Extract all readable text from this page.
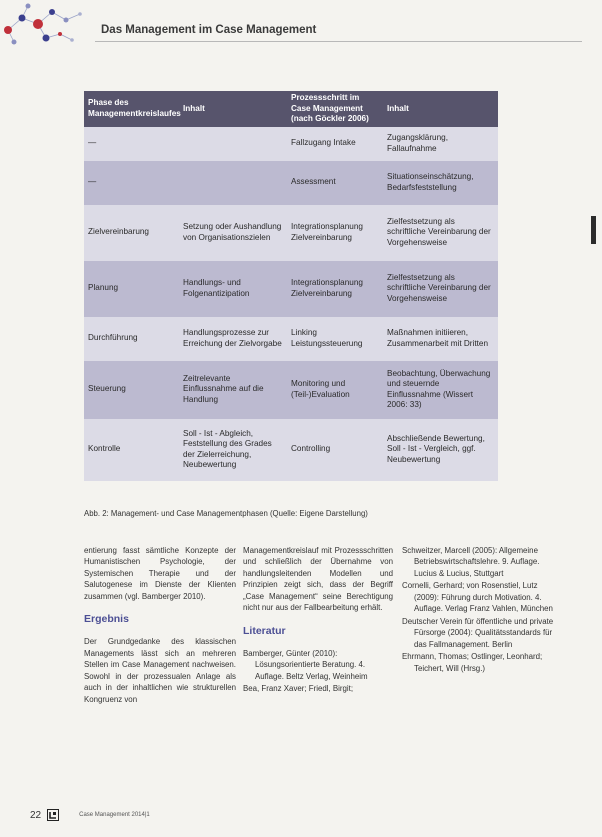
Das Management im Case Management
Phase des Managementkreislaufes	Inhalt	Prozessschritt im Case Management (nach Göckler 2006)	Inhalt
—		Fallzugang Intake	Zugangsklärung, Fallaufnahme
—		Assessment	Situationseinschätzung, Bedarfsfeststellung
Zielvereinbarung	Setzung oder Aushandlung von Organisationszielen	Integrationsplanung Zielvereinbarung	Zielfestsetzung als schriftliche Vereinbarung der Vorgehensweise
Planung	Handlungs- und Folgenantizipation	Integrationsplanung Zielvereinbarung	Zielfestsetzung als schriftliche Vereinbarung der Vorgehensweise
Durchführung	Handlungsprozesse zur Erreichung der Zielvorgabe	Linking Leistungssteuerung	Maßnahmen initiieren, Zusammenarbeit mit Dritten
Steuerung	Zeitrelevante Einflussnahme auf die Handlung	Monitoring und (Teil-)Evaluation	Beobachtung, Überwachung und steuernde Einflussnahme (Wissert 2006: 33)
Kontrolle	Soll - Ist - Abgleich, Feststellung des Grades der Zielerreichung, Neubewertung	Controlling	Abschließende Bewertung, Soll - Ist - Vergleich, ggf. Neubewertung
Abb. 2: Management- und Case Managementphasen (Quelle: Eigene Darstellung)

entierung fasst sämtliche Konzepte der Humanistischen Psychologie, der Systemischen Therapie und der Salutogenese im Dienste der Klienten zusammen (vgl. Bamberger 2010).

Ergebnis

Der Grundgedanke des klassischen Managements lässt sich an mehreren Stellen im Case Management nachweisen. Sowohl in der prozessualen Anlage als auch in der inhaltlichen wie strukturellen Kongruenz von

Managementkreislauf mit Prozessschritten und schließlich der Übernahme von handlungsleitenden Modellen und Prinzipien zeigt sich, dass der Begriff „Case Management“ seine Berechtigung nicht nur aus der Fallbearbeitung erhält.

Literatur

Bamberger, Günter (2010): Lösungsorientierte Beratung. 4. Auflage. Beltz Verlag, Weinheim

Bea, Franz Xaver; Friedl, Birgit;

Schweitzer, Marcell (2005): Allgemeine Betriebswirtschaftslehre. 9. Auflage. Lucius & Lucius, Stuttgart

Cornelli, Gerhard; von Rosenstiel, Lutz (2009): Führung durch Motivation. 4. Auflage. Verlag Franz Vahlen, München

Deutscher Verein für öffentliche und private Fürsorge (2004): Qualitätsstandards für das Fallmanagement. Berlin

Ehrmann, Thomas; Ostlinger, Leonhard; Teichert, Will (Hrsg.)

22	Case Management 2014|1
